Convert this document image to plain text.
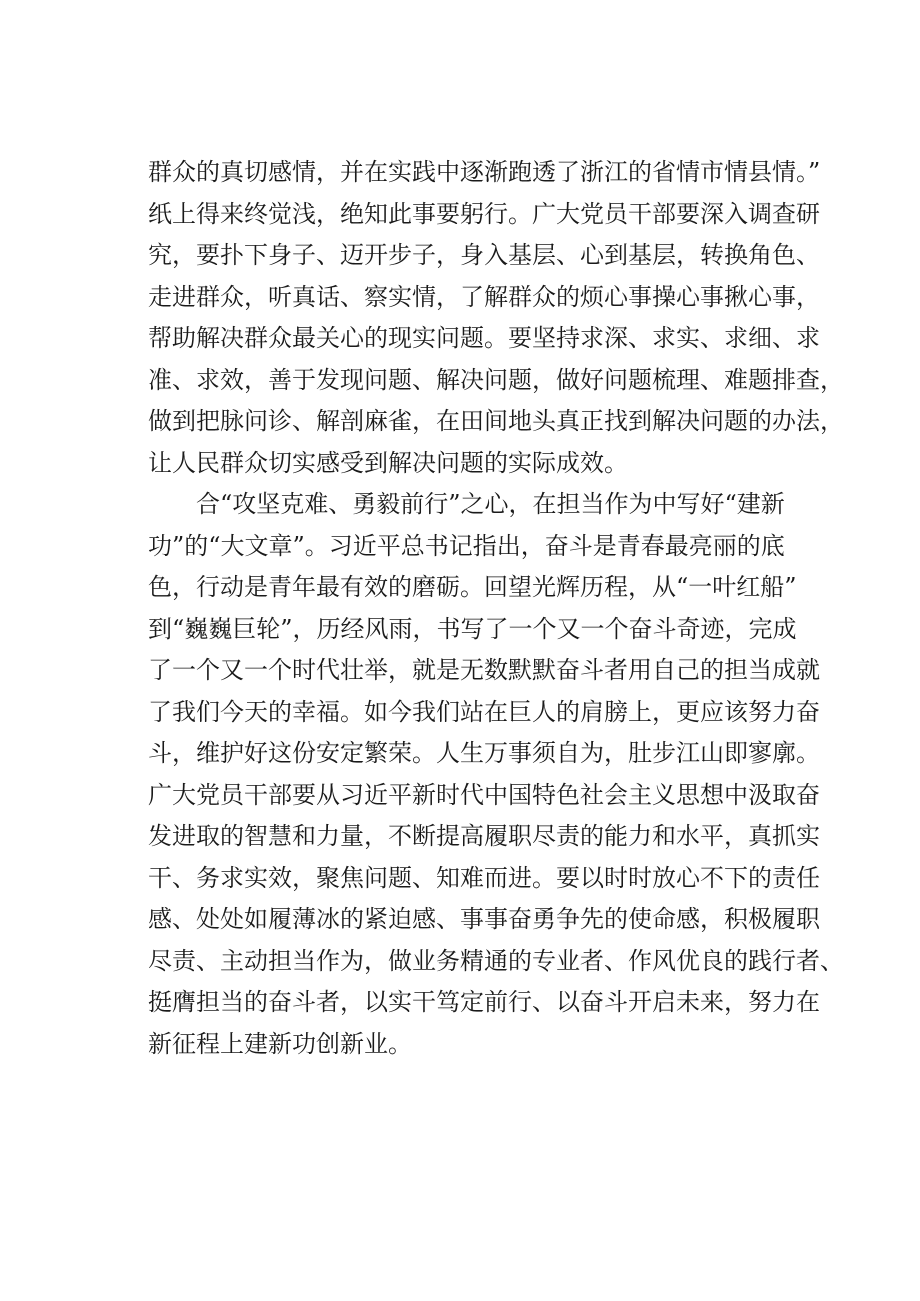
群众的真切感情，并在实践中逐渐跑透了浙江的省情市情县情。”
纸上得来终觉浅，绝知此事要躬行。广大党员干部要深入调查研
究，要扑下身子、迈开步子，身入基层、心到基层，转换角色、
走进群众，听真话、察实情，了解群众的烦心事操心事揪心事，
帮助解决群众最关心的现实问题。要坚持求深、求实、求细、求
准、求效，善于发现问题、解决问题，做好问题梳理、难题排查，
做到把脉问诊、解剖麻雀，在田间地头真正找到解决问题的办法，
让人民群众切实感受到解决问题的实际成效。
合“攻坚克难、勇毅前行”之心，在担当作为中写好“建新
功”的“大文章”。习近平总书记指出，奋斗是青春最亮丽的底
色，行动是青年最有效的磨砺。回望光辉历程，从“一叶红船”
到“巍巍巨轮”，历经风雨，书写了一个又一个奋斗奇迹，完成
了一个又一个时代壮举，就是无数默默奋斗者用自己的担当成就
了我们今天的幸福。如今我们站在巨人的肩膀上，更应该努力奋
斗，维护好这份安定繁荣。人生万事须自为，肚步江山即寥廓。
广大党员干部要从习近平新时代中国特色社会主义思想中汲取奋
发进取的智慧和力量，不断提高履职尽责的能力和水平，真抓实
干、务求实效，聚焦问题、知难而进。要以时时放心不下的责任
感、处处如履薄冰的紧迫感、事事奋勇争先的使命感，积极履职
尽责、主动担当作为，做业务精通的专业者、作风优良的践行者、
挺膺担当的奋斗者，以实干笃定前行、以奋斗开启未来，努力在
新征程上建新功创新业。
